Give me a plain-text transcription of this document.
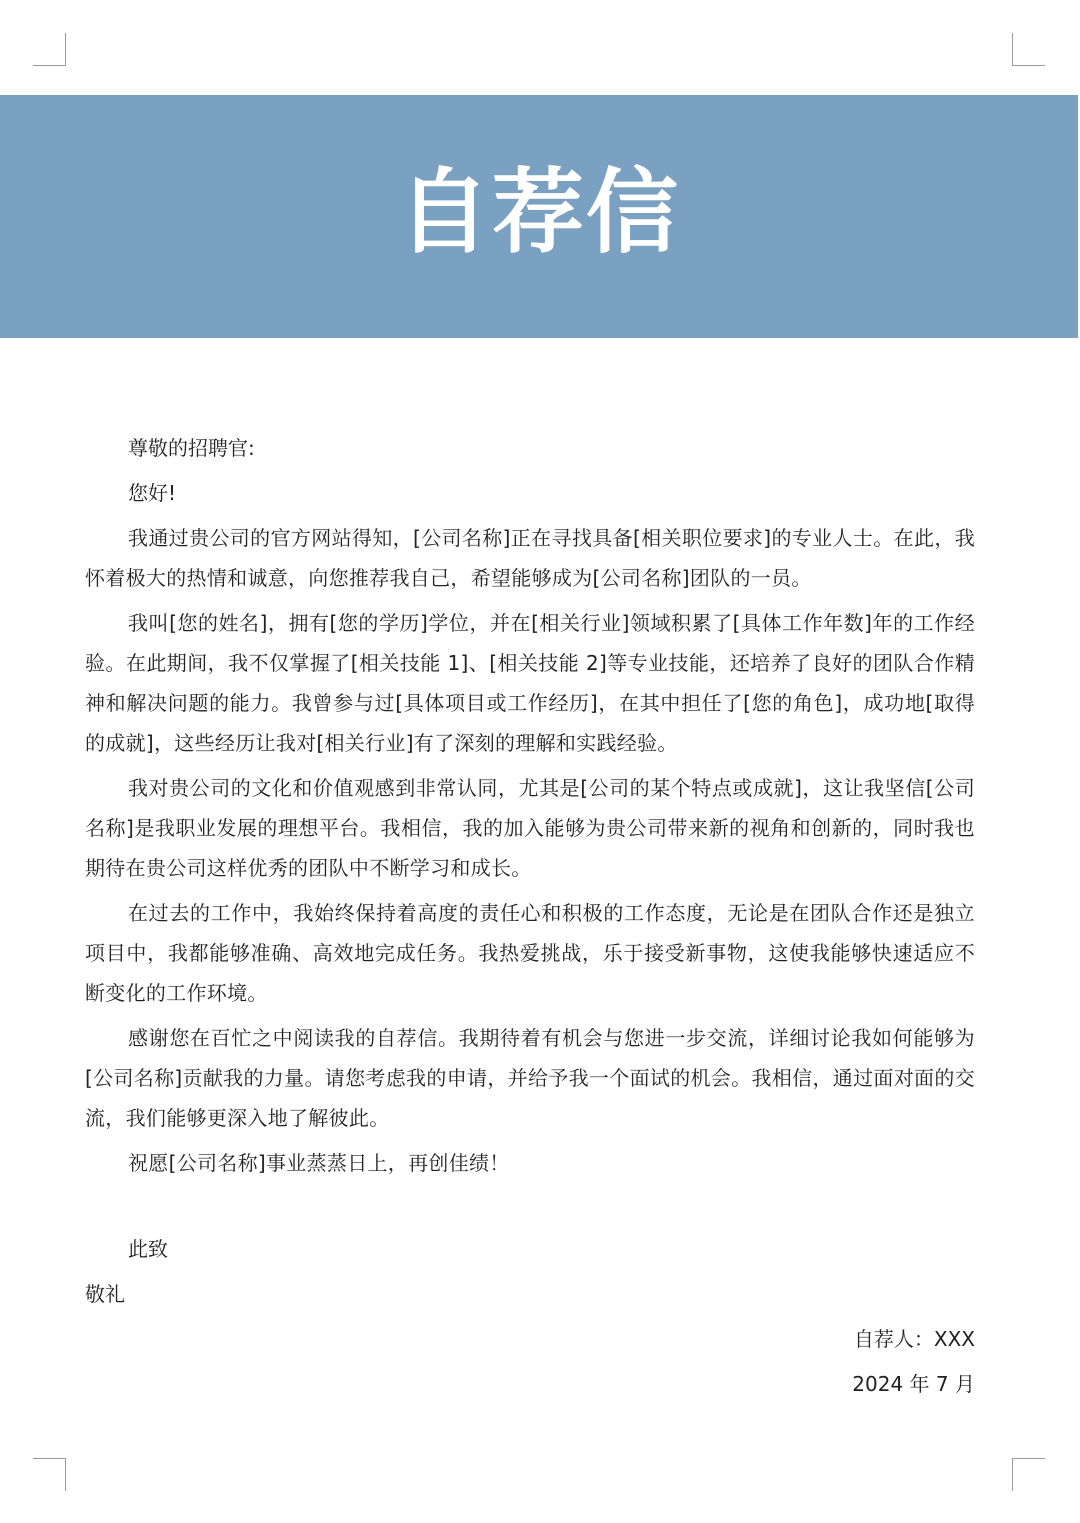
自荐信

尊敬的招聘官:

您好!

我通过贵公司的官方网站得知，[公司名称]正在寻找具备[相关职位要求]的专业人士。在此，我怀着极大的热情和诚意，向您推荐我自己，希望能够成为[公司名称]团队的一员。

我叫[您的姓名]，拥有[您的学历]学位，并在[相关行业]领域积累了[具体工作年数]年的工作经验。在此期间，我不仅掌握了[相关技能 1]、[相关技能 2]等专业技能，还培养了良好的团队合作精神和解决问题的能力。我曾参与过[具体项目或工作经历]，在其中担任了[您的角色]，成功地[取得的成就]，这些经历让我对[相关行业]有了深刻的理解和实践经验。

我对贵公司的文化和价值观感到非常认同，尤其是[公司的某个特点或成就]，这让我坚信[公司名称]是我职业发展的理想平台。我相信，我的加入能够为贵公司带来新的视角和创新的，同时我也期待在贵公司这样优秀的团队中不断学习和成长。

在过去的工作中，我始终保持着高度的责任心和积极的工作态度，无论是在团队合作还是独立项目中，我都能够准确、高效地完成任务。我热爱挑战，乐于接受新事物，这使我能够快速适应不断变化的工作环境。

感谢您在百忙之中阅读我的自荐信。我期待着有机会与您进一步交流，详细讨论我如何能够为[公司名称]贡献我的力量。请您考虑我的申请，并给予我一个面试的机会。我相信，通过面对面的交流，我们能够更深入地了解彼此。

祝愿[公司名称]事业蒸蒸日上，再创佳绩！

此致

敬礼

自荐人：XXX

2024 年 7 月
